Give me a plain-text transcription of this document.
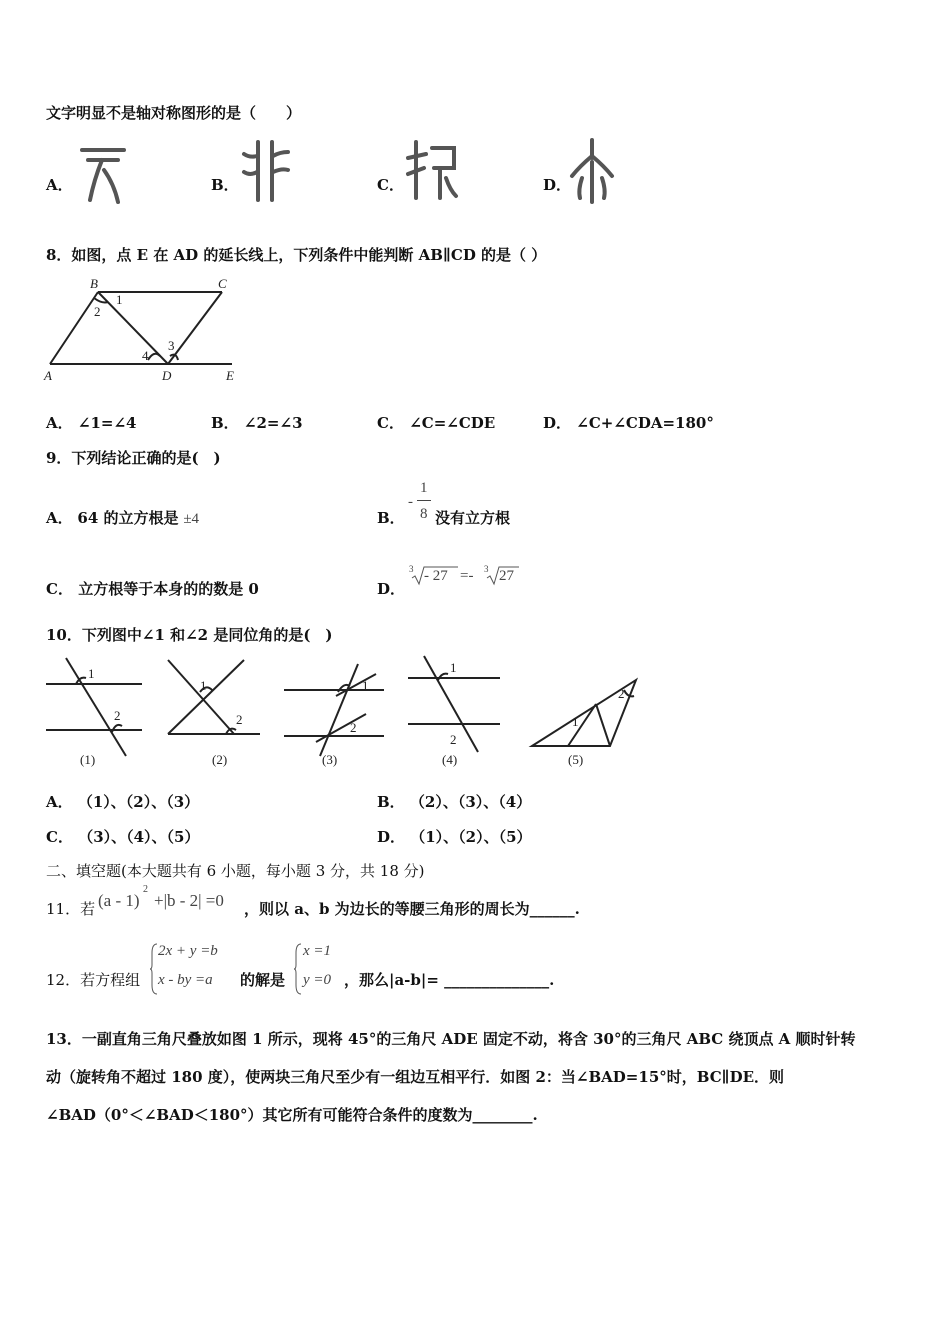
文字明显不是轴对称图形的是（　　）
A．	B．	C．	D．
8．如图，点 E 在 AD 的延长线上，下列条件中能判断 AB∥CD 的是（ ）
B	C
A	D	E
1
2
3
4
A． ∠1=∠4	B． ∠2=∠3	C． ∠C=∠CDE	D． ∠C+∠CDA=180°
9．下列结论正确的是(　)
A． 64 的立方根是 ±4	B．
-
1
8 没有立方根
C． 立方根等于本身的的数是 0	D．
3 - 27 =- 3 27
10．下列图中∠1 和∠2 是同位角的是(　)
1
2
(1)
1
2
(2)
1
2
(3)
1
2
(4)
1
2
(5)
A． （1）、（2）、（3）	B． （2）、（3）、（4）
C． （3）、（4）、（5）	D． （1）、（2）、（5）
二、填空题(本大题共有 6 小题，每小题 3 分，共 18 分)
11．若 (a - 1)
2
+|b - 2| =0 ，则以 a、b 为边长的等腰三角形的周长为______.
12．若方程组
2x + y =b
x - by =a 的解是
x =1
y =0 ，那么|a-b|= ______________.
13．一副直角三角尺叠放如图 1 所示，现将 45°的三角尺 ADE 固定不动，将含 30°的三角尺 ABC 绕顶点 A 顺时针转
动（旋转角不超过 180 度），使两块三角尺至少有一组边互相平行．如图 2：当∠BAD=15°时，BC∥DE．则
∠BAD（0°＜∠BAD＜180°）其它所有可能符合条件的度数为________.
